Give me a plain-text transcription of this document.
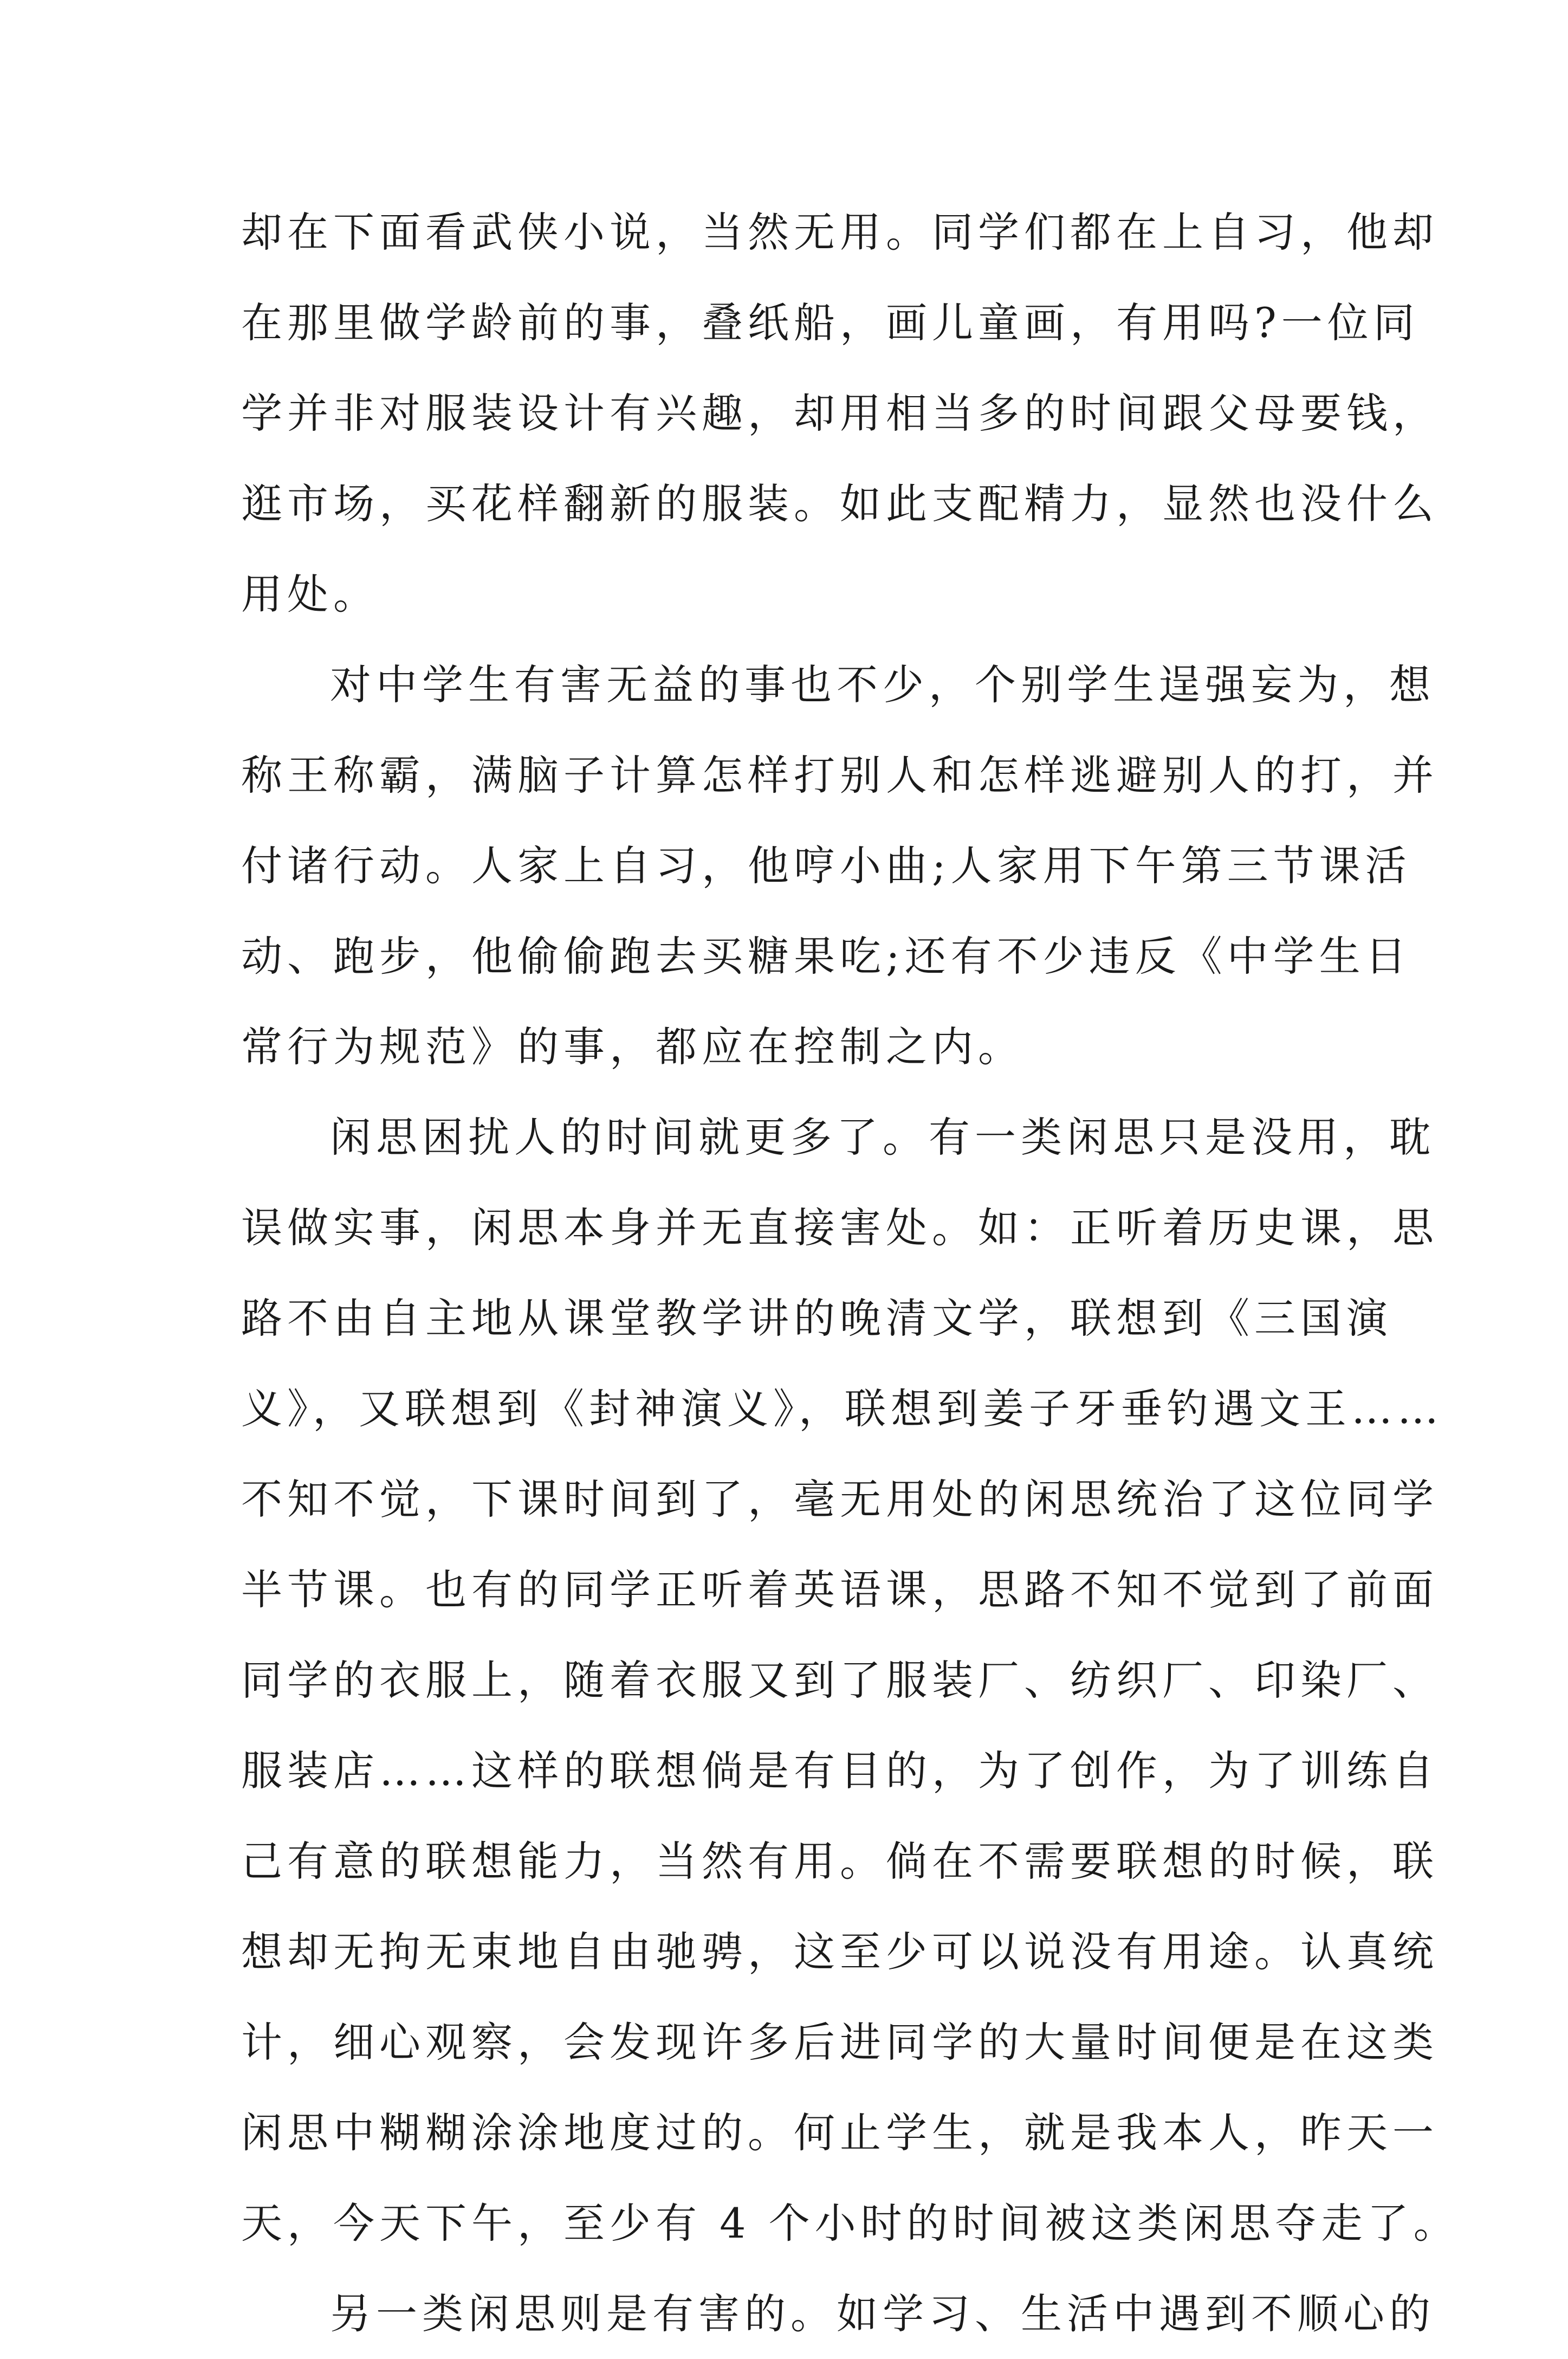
却在下面看武侠小说，当然无用。同学们都在上自习，他却
在那里做学龄前的事，叠纸船，画儿童画，有用吗?一位同
学并非对服装设计有兴趣，却用相当多的时间跟父母要钱，
逛市场，买花样翻新的服装。如此支配精力，显然也没什么
用处。
对中学生有害无益的事也不少，个别学生逞强妄为，想
称王称霸，满脑子计算怎样打别人和怎样逃避别人的打，并
付诸行动。人家上自习，他哼小曲;人家用下午第三节课活
动、跑步，他偷偷跑去买糖果吃;还有不少违反《中学生日
常行为规范》的事，都应在控制之内。
闲思困扰人的时间就更多了。有一类闲思只是没用，耽
误做实事，闲思本身并无直接害处。如：正听着历史课，思
路不由自主地从课堂教学讲的晚清文学，联想到《三国演
义》，又联想到《封神演义》，联想到姜子牙垂钓遇文王……
不知不觉，下课时间到了，毫无用处的闲思统治了这位同学
半节课。也有的同学正听着英语课，思路不知不觉到了前面
同学的衣服上，随着衣服又到了服装厂、纺织厂、印染厂、
服装店……这样的联想倘是有目的，为了创作，为了训练自
己有意的联想能力，当然有用。倘在不需要联想的时候，联
想却无拘无束地自由驰骋，这至少可以说没有用途。认真统
计，细心观察，会发现许多后进同学的大量时间便是在这类
闲思中糊糊涂涂地度过的。何止学生，就是我本人，昨天一
天，今天下午，至少有 4 个小时的时间被这类闲思夺走了。
另一类闲思则是有害的。如学习、生活中遇到不顺心的
